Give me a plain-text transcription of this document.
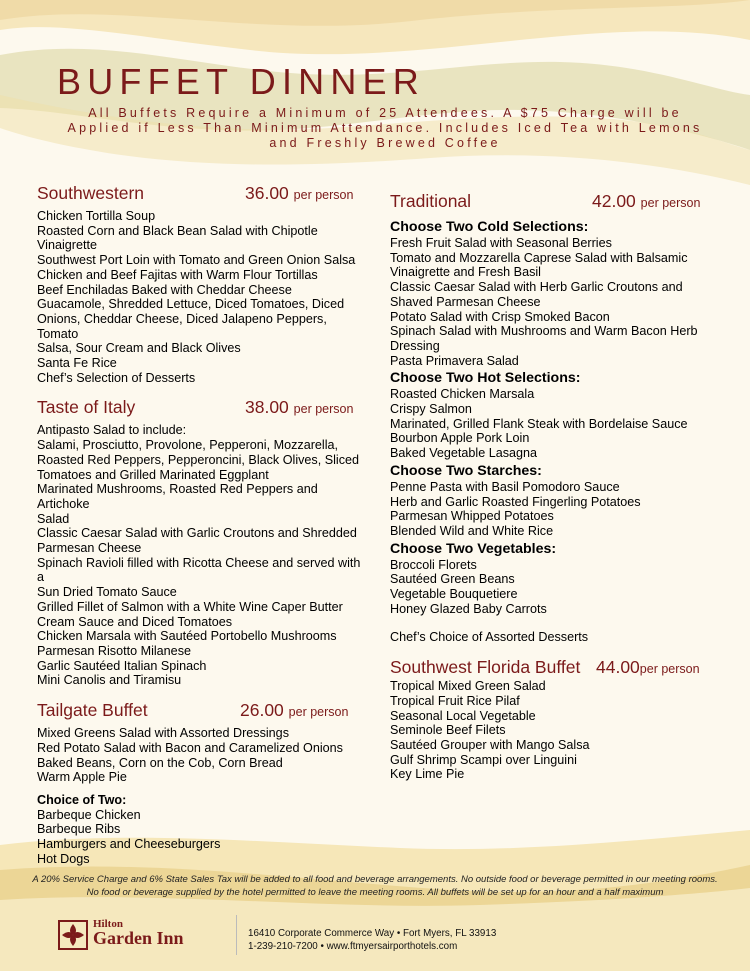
BUFFET DINNER
All Buffets Require a Minimum of 25 Attendees. A $75 Charge will be Applied if Less Than Minimum Attendance. Includes Iced Tea with Lemons and Freshly Brewed Coffee
Southwestern	36.00 per person
Chicken Tortilla Soup
Roasted Corn and Black Bean Salad with Chipotle
Vinaigrette
Southwest Port Loin with Tomato and Green Onion Salsa
Chicken and Beef Fajitas with Warm Flour Tortillas
Beef Enchiladas Baked with Cheddar Cheese
Guacamole, Shredded Lettuce, Diced Tomatoes, Diced
Onions, Cheddar Cheese, Diced Jalapeno Peppers, Tomato
Salsa, Sour Cream and Black Olives
Santa Fe Rice
Chef’s Selection of Desserts
Taste of Italy	38.00 per person
Antipasto Salad to include:
Salami, Prosciutto, Provolone, Pepperoni, Mozzarella,
Roasted Red Peppers, Pepperoncini, Black Olives, Sliced
Tomatoes and Grilled Marinated Eggplant
Marinated Mushrooms, Roasted Red Peppers and Artichoke
Salad
Classic Caesar Salad with Garlic Croutons and Shredded
Parmesan Cheese
Spinach Ravioli filled with Ricotta Cheese and served with a
Sun Dried Tomato Sauce
Grilled Fillet of Salmon with a White Wine Caper Butter
Cream Sauce and Diced Tomatoes
Chicken Marsala with Sautéed Portobello Mushrooms
Parmesan Risotto Milanese
Garlic Sautéed Italian Spinach
Mini Canolis and Tiramisu
Tailgate Buffet	26.00 per person
Mixed Greens Salad with Assorted Dressings
Red Potato Salad with Bacon and Caramelized Onions
Baked Beans, Corn on the Cob, Corn Bread
Warm Apple Pie
Choice of Two:
Barbeque Chicken
Barbeque Ribs
Hamburgers and Cheeseburgers
Hot Dogs
Traditional	42.00 per person
Choose Two Cold Selections:
Fresh Fruit Salad with Seasonal Berries
Tomato and Mozzarella Caprese Salad with Balsamic
Vinaigrette and Fresh Basil
Classic Caesar Salad with Herb Garlic Croutons and
Shaved Parmesan Cheese
Potato Salad with Crisp Smoked Bacon
Spinach Salad with Mushrooms and Warm Bacon Herb
Dressing
Pasta Primavera Salad
Choose Two Hot Selections:
Roasted Chicken Marsala
Crispy Salmon
Marinated, Grilled Flank Steak with Bordelaise Sauce
Bourbon Apple Pork Loin
Baked Vegetable Lasagna
Choose Two Starches:
Penne Pasta with Basil Pomodoro Sauce
Herb and Garlic Roasted Fingerling Potatoes
Parmesan Whipped Potatoes
Blended Wild and White Rice
Choose Two Vegetables:
Broccoli Florets
Sautéed Green Beans
Vegetable Bouquetiere
Honey Glazed Baby Carrots
Chef’s Choice of Assorted Desserts
Southwest Florida Buffet 44.00per person
Tropical Mixed Green Salad
Tropical Fruit Rice Pilaf
Seasonal Local Vegetable
Seminole Beef Filets
Sautéed Grouper with Mango Salsa
Gulf Shrimp Scampi over Linguini
Key Lime Pie
A 20% Service Charge and 6% State Sales Tax will be added to all food and beverage arrangements. No outside food or beverage permitted in our meeting rooms. No food or beverage supplied by the hotel permitted to leave the meeting rooms. All buffets will be set up for an hour and a half maximum
Hilton
Garden Inn	16410 Corporate Commerce Way • Fort Myers, FL 33913
1-239-210-7200 • www.ftmyersairporthotels.com
